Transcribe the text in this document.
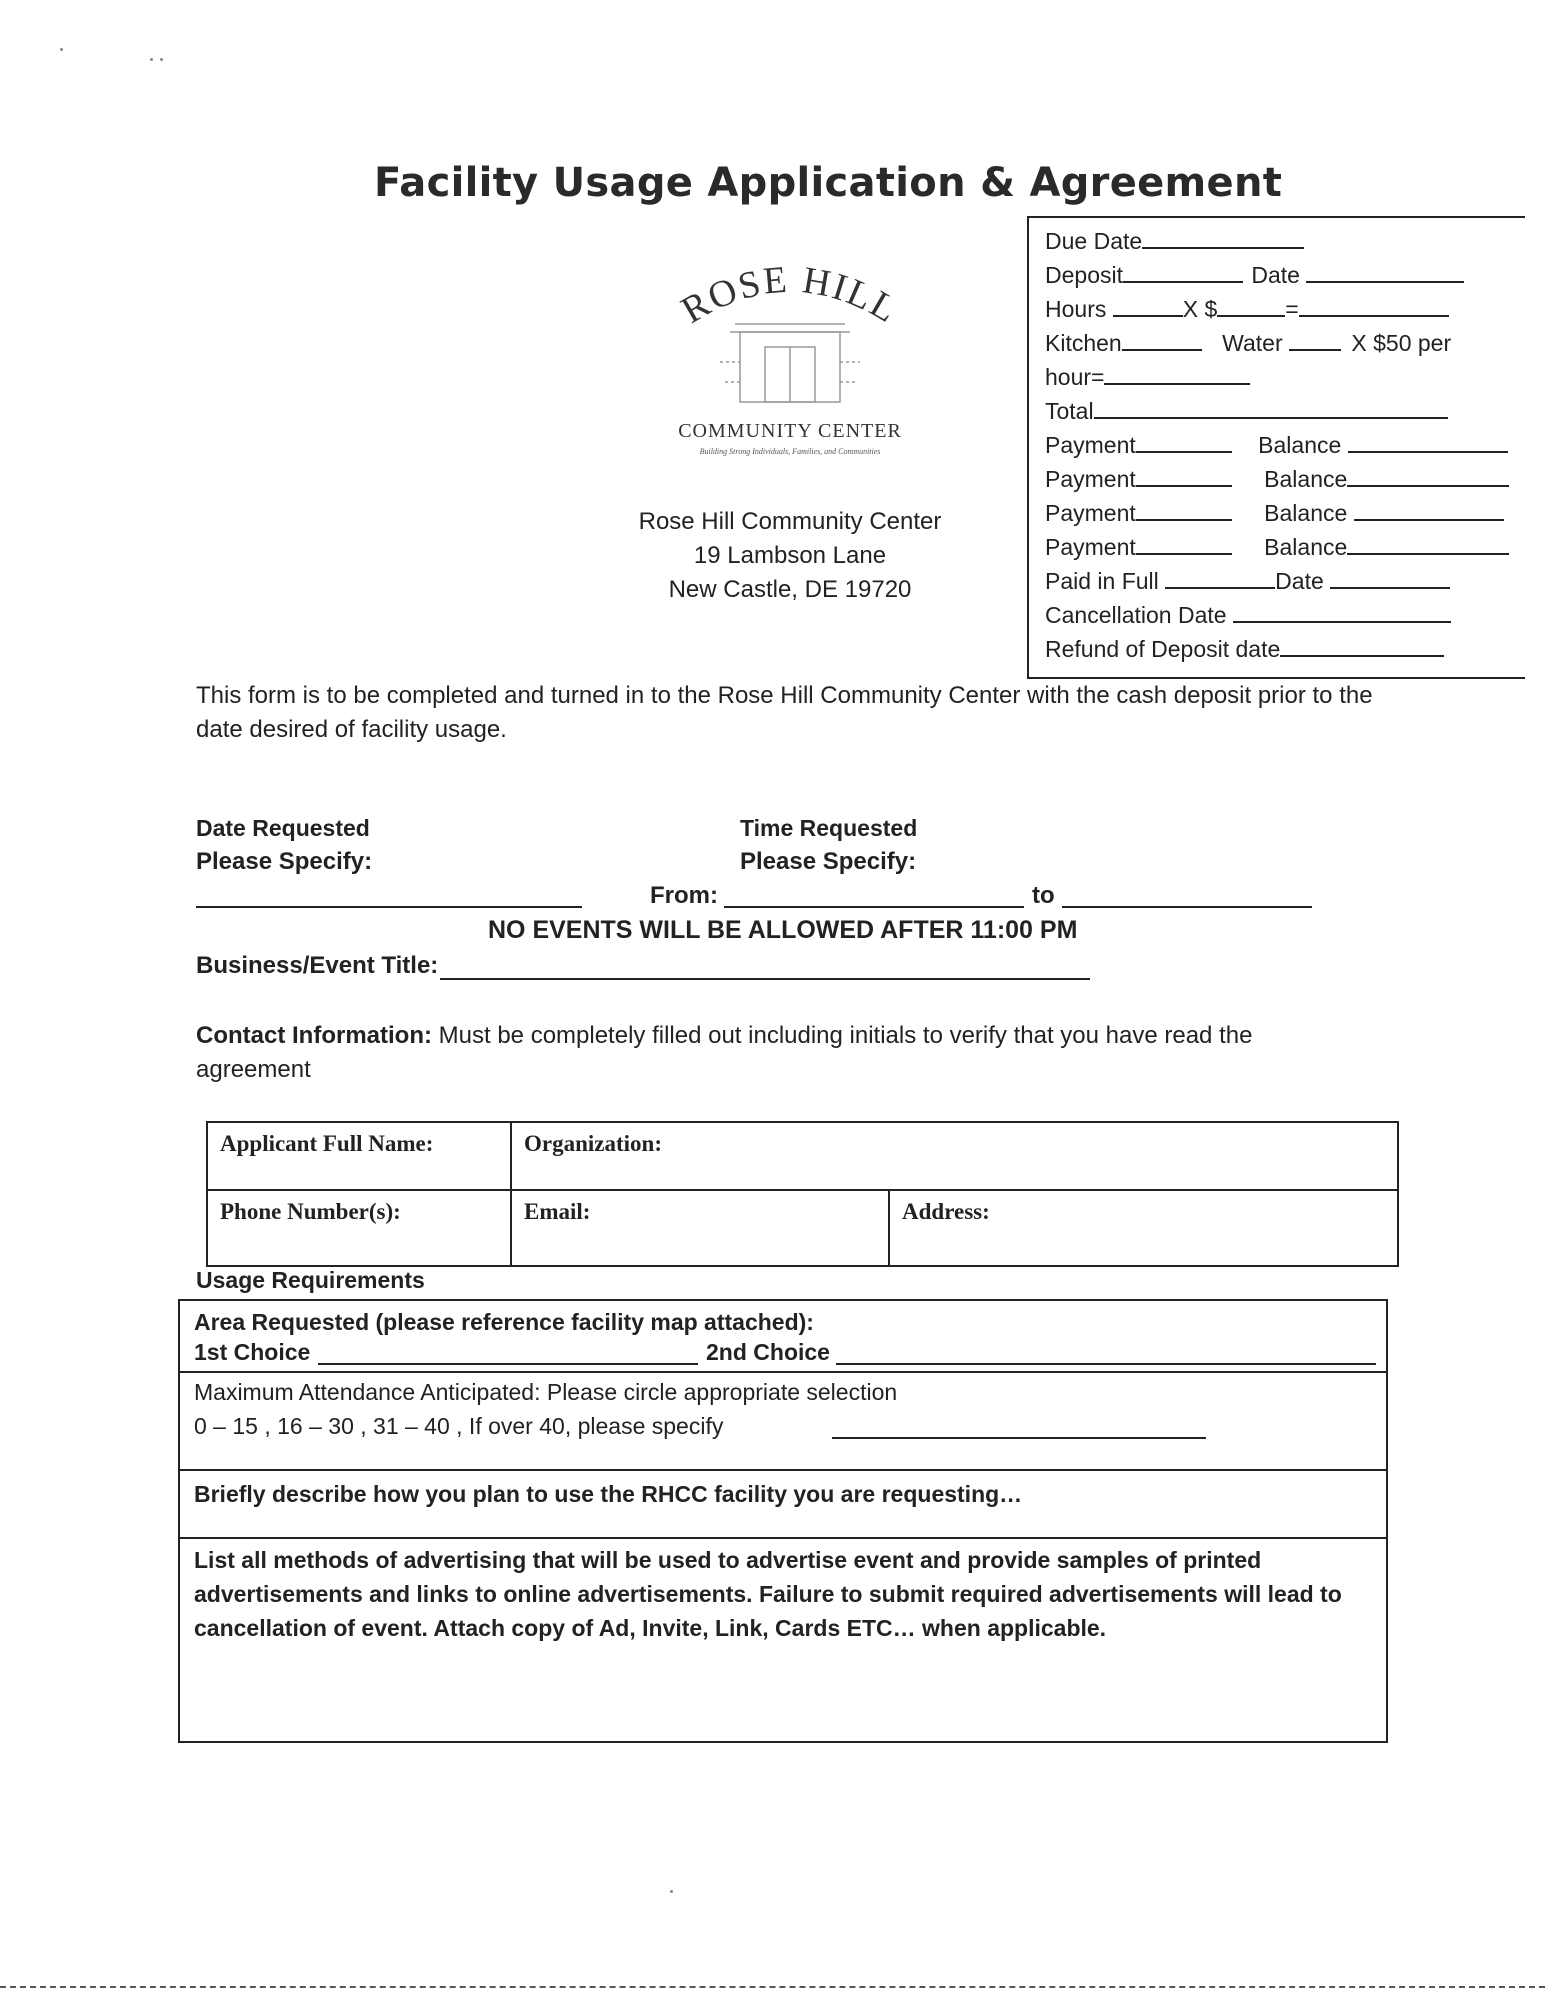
Facility Usage Application & Agreement
Due Date
Deposit	Date
Hours	X $	=
Kitchen	Water	X $50 per
hour=
Total
Payment	Balance
Payment	Balance
Payment	Balance
Payment	Balance
Paid in Full	Date
Cancellation Date
Refund of Deposit date
ROSE HILL
COMMUNITY CENTER
Building Strong Individuals, Families, and Communities
Rose Hill Community Center
19 Lambson Lane
New Castle, DE 19720
This form is to be completed and turned in to the Rose Hill Community Center with the cash deposit prior to the date desired of facility usage.
Date Requested
Please Specify:
Time Requested
Please Specify:
From:	to
NO EVENTS WILL BE ALLOWED AFTER 11:00 PM
Business/Event Title:
Contact Information: Must be completely filled out including initials to verify that you have read the agreement
Applicant Full Name:	Organization:	
Phone Number(s):	Email:	Address:
Usage Requirements
Area Requested (please reference facility map attached):
1st Choice	2nd Choice
Maximum Attendance Anticipated: Please circle appropriate selection
0 – 15 , 16 – 30 , 31 – 40 , If over 40, please specify
Briefly describe how you plan to use the RHCC facility you are requesting…
List all methods of advertising that will be used to advertise event and provide samples of printed advertisements and links to online advertisements. Failure to submit required advertisements will lead to cancellation of event. Attach copy of Ad, Invite, Link, Cards ETC… when applicable.
